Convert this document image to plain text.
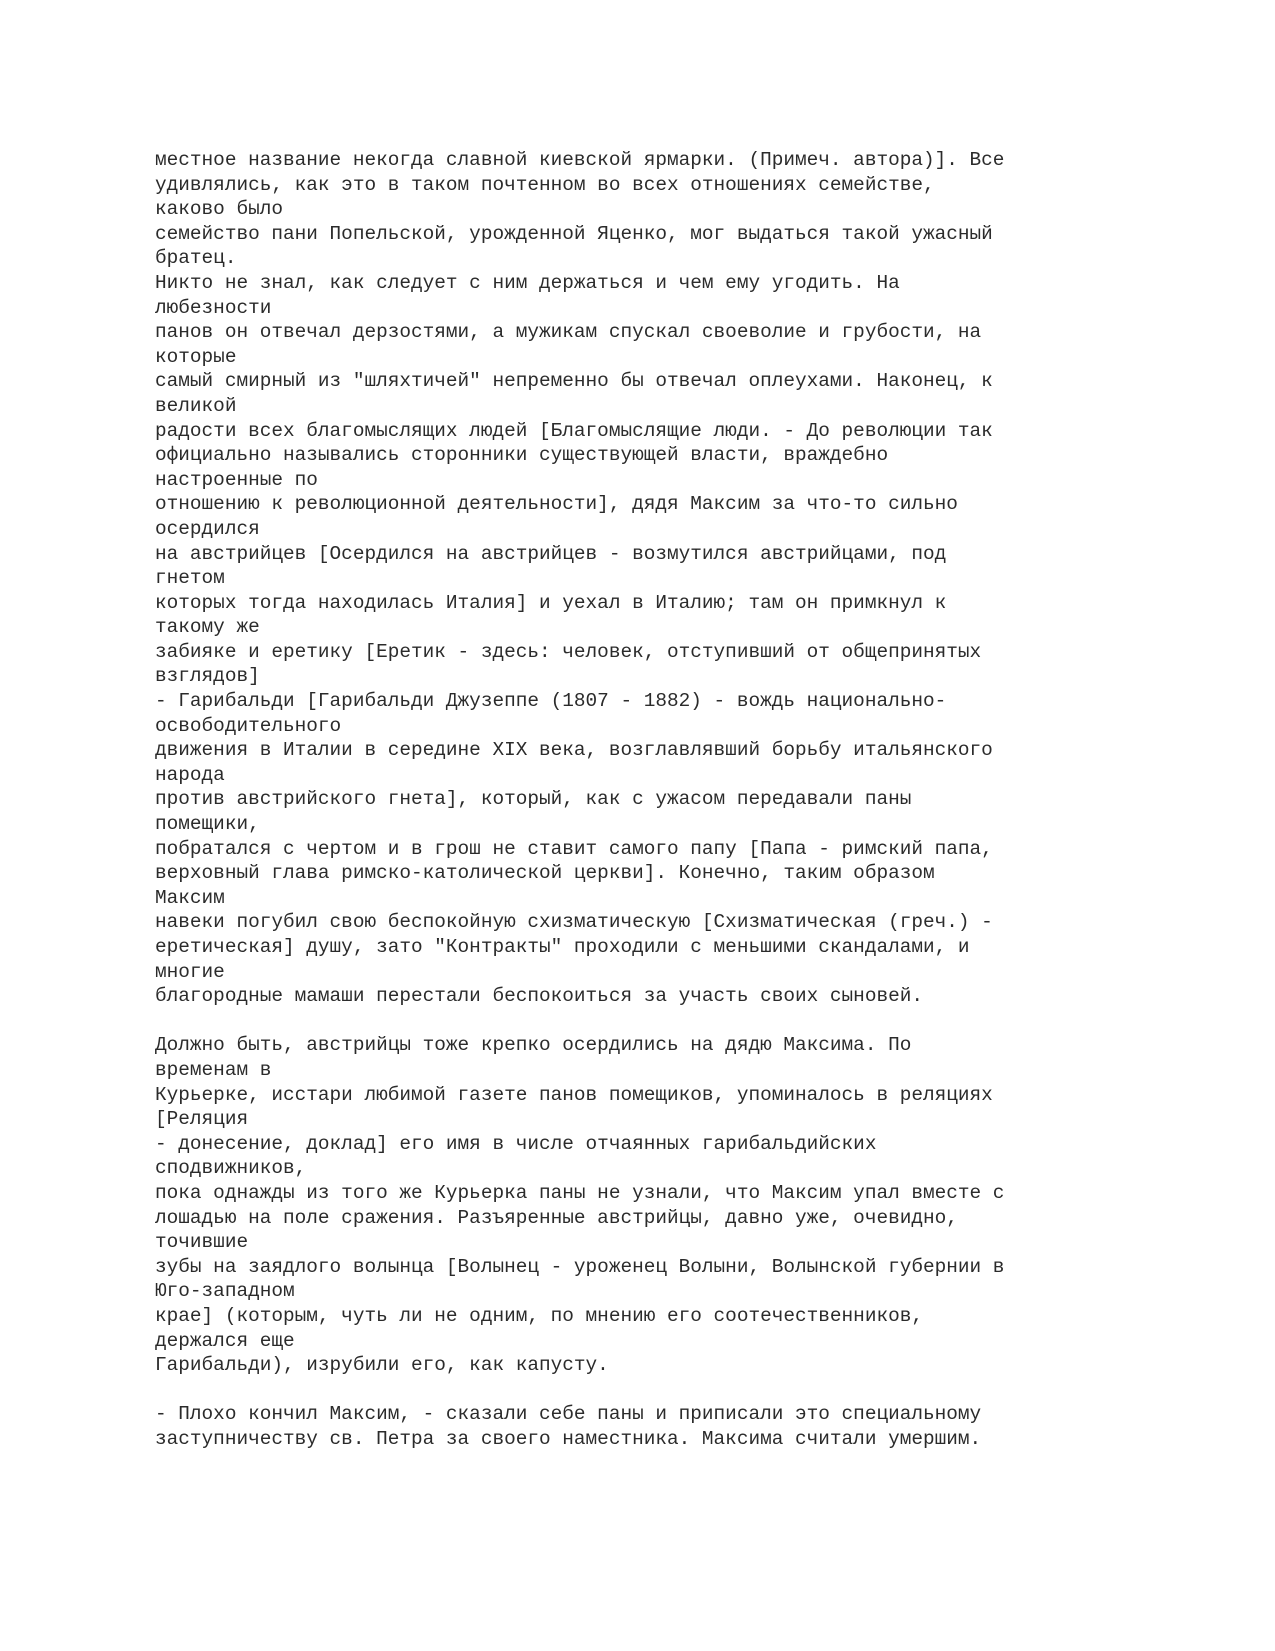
местное название некогда славной киевской ярмарки. (Примеч. автора)]. Все
удивлялись, как это в таком почтенном во всех отношениях семействе,
каково было
семейство пани Попельской, урожденной Яценко, мог выдаться такой ужасный
братец.
Никто не знал, как следует с ним держаться и чем ему угодить. На
любезности
панов он отвечал дерзостями, а мужикам спускал своеволие и грубости, на
которые
самый смирный из "шляхтичей" непременно бы отвечал оплеухами. Наконец, к
великой
радости всех благомыслящих людей [Благомыслящие люди. - До революции так
официально назывались сторонники существующей власти, враждебно
настроенные по
отношению к революционной деятельности], дядя Максим за что-то сильно
осердился
на австрийцев [Осердился на австрийцев - возмутился австрийцами, под
гнетом
которых тогда находилась Италия] и уехал в Италию; там он примкнул к
такому же
забияке и еретику [Еретик - здесь: человек, отступивший от общепринятых
взглядов]
- Гарибальди [Гарибальди Джузеппе (1807 - 1882) - вождь национально-
освободительного
движения в Италии в середине XIX века, возглавлявший борьбу итальянского
народа
против австрийского гнета], который, как с ужасом передавали паны
помещики,
побратался с чертом и в грош не ставит самого папу [Папа - римский папа,
верховный глава римско-католической церкви]. Конечно, таким образом
Максим
навеки погубил свою беспокойную схизматическую [Схизматическая (греч.) -
еретическая] душу, зато "Контракты" проходили с меньшими скандалами, и
многие
благородные мамаши перестали беспокоиться за участь своих сыновей.
Должно быть, австрийцы тоже крепко осердились на дядю Максима. По
временам в
Курьерке, исстари любимой газете панов помещиков, упоминалось в реляциях
[Реляция
- донесение, доклад] его имя в числе отчаянных гарибальдийских
сподвижников,
пока однажды из того же Курьерка паны не узнали, что Максим упал вместе с
лошадью на поле сражения. Разъяренные австрийцы, давно уже, очевидно,
точившие
зубы на заядлого волынца [Волынец - уроженец Волыни, Волынской губернии в
Юго-западном
крае] (которым, чуть ли не одним, по мнению его соотечественников,
держался еще
Гарибальди), изрубили его, как капусту.
- Плохо кончил Максим, - сказали себе паны и приписали это специальному
заступничеству св. Петра за своего наместника. Максима считали умершим.
